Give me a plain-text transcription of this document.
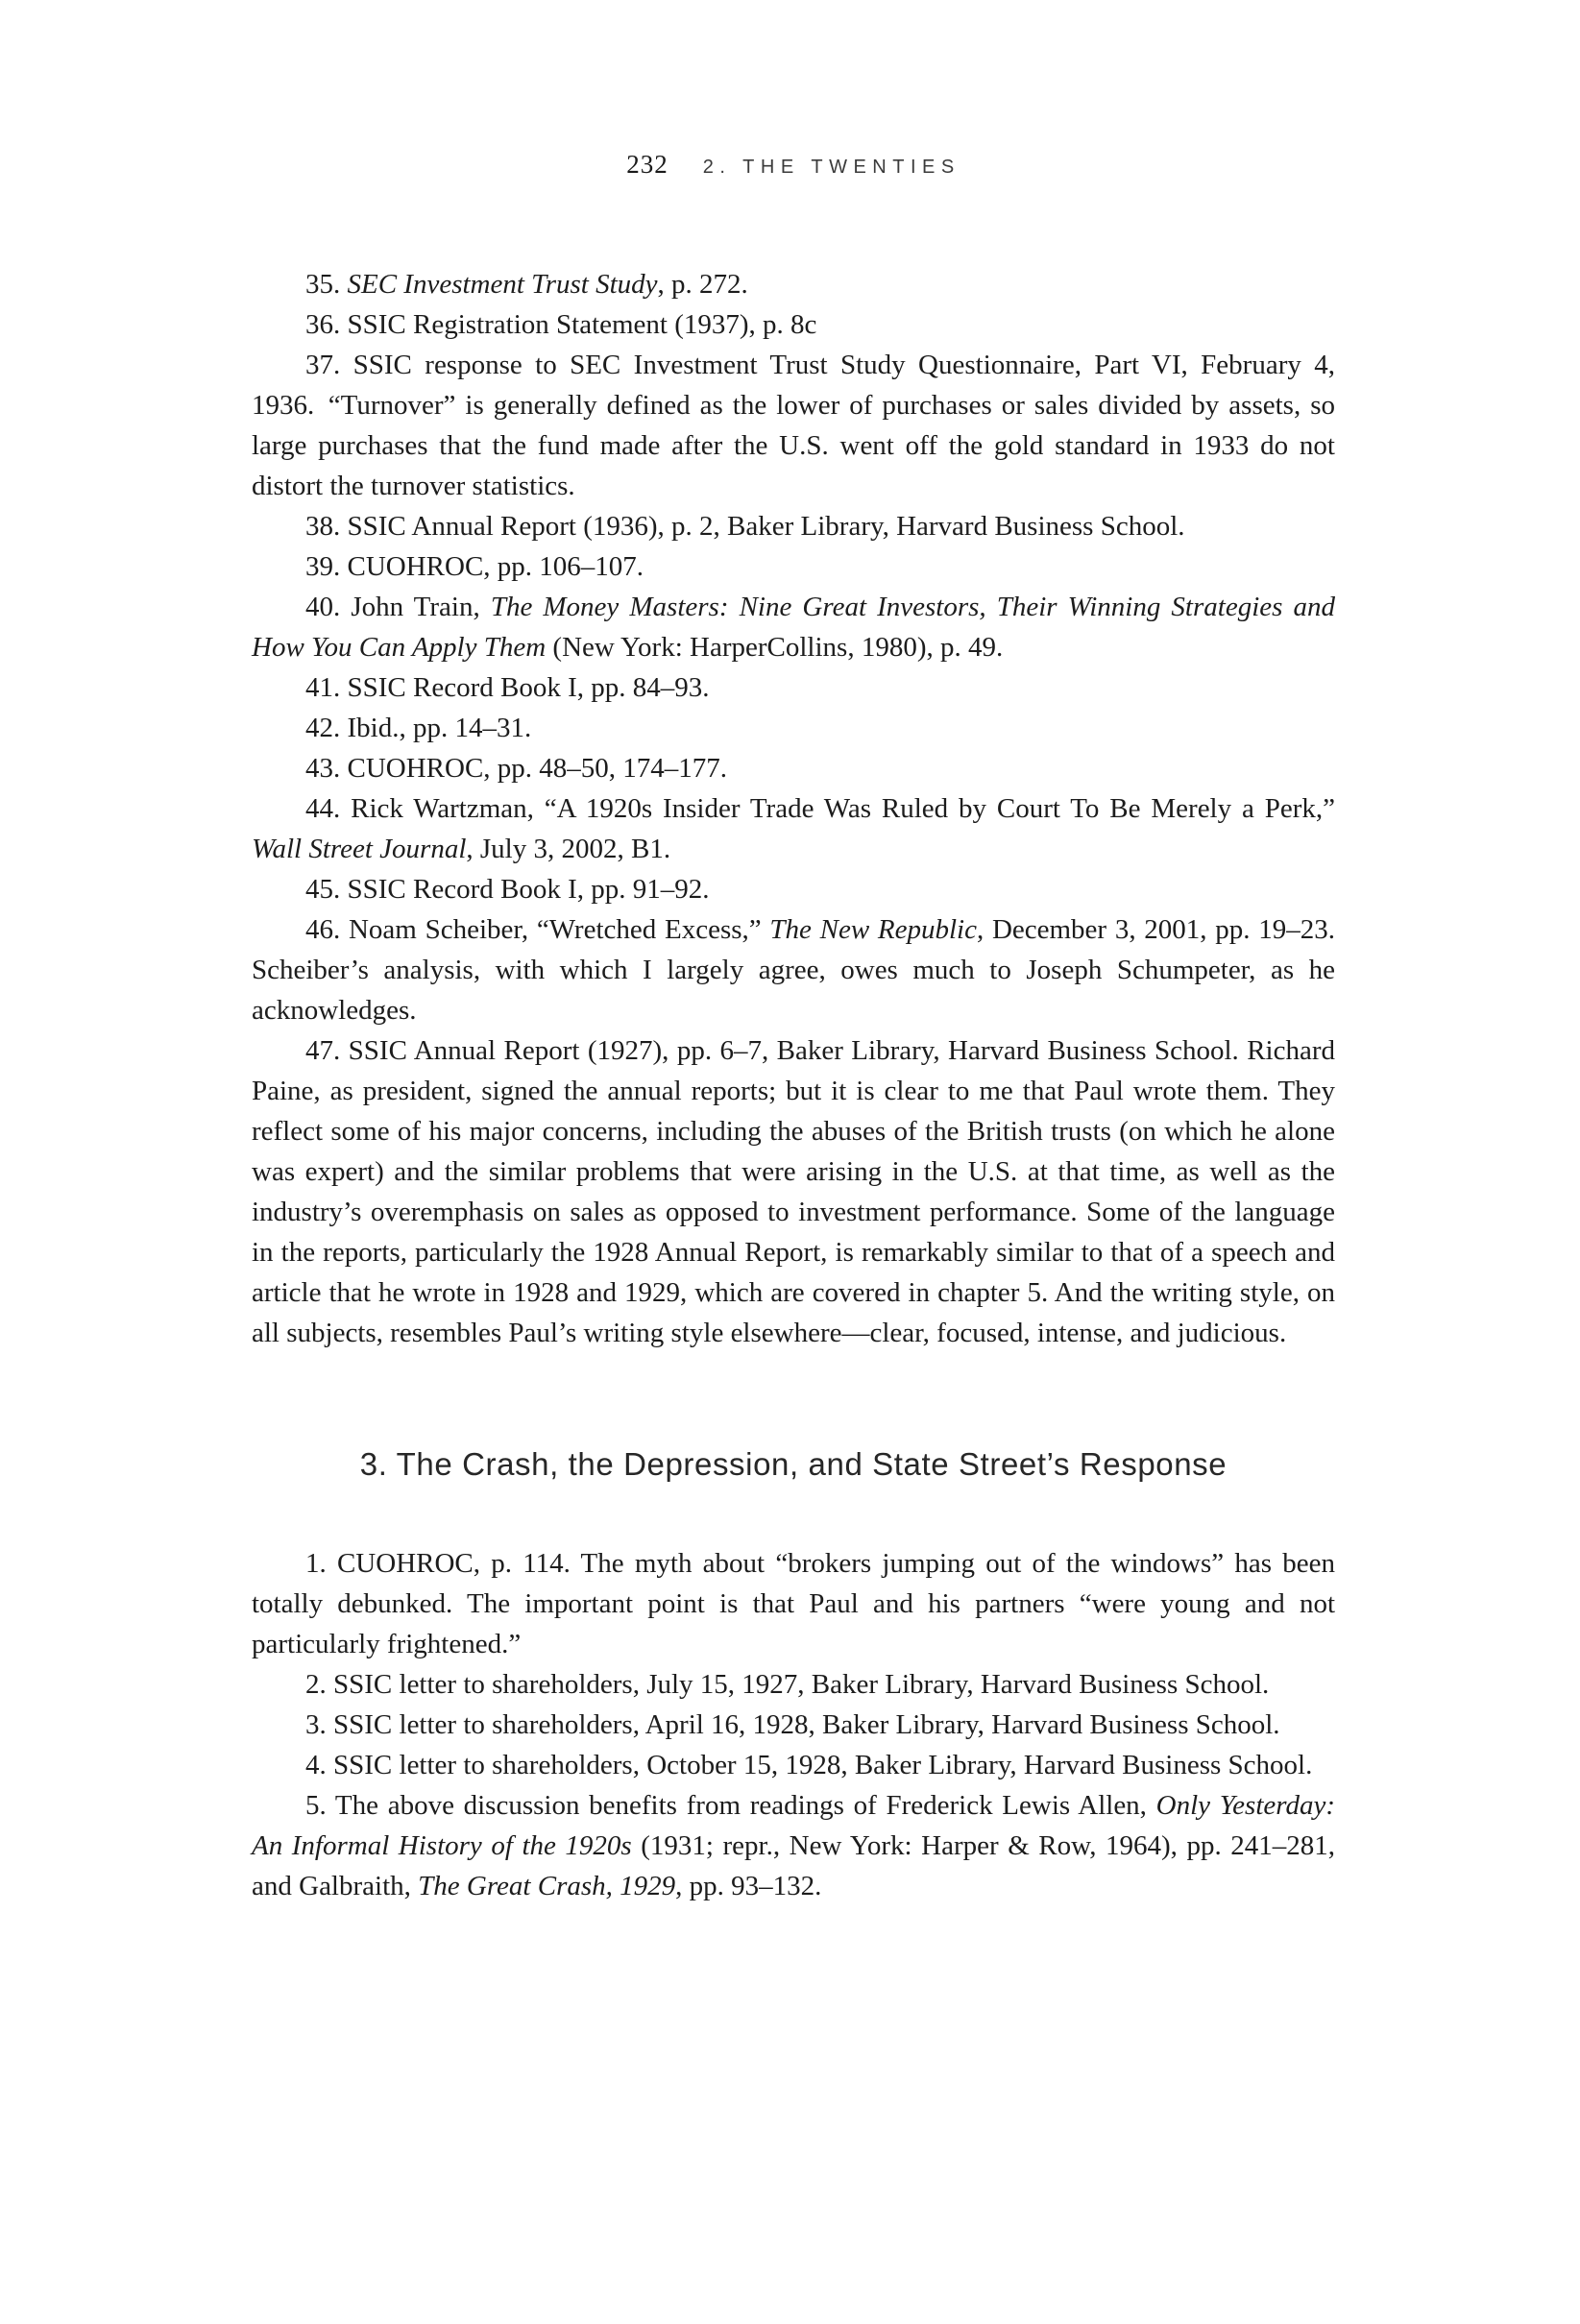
232 2. THE TWENTIES

35. SEC Investment Trust Study, p. 272.

36. SSIC Registration Statement (1937), p. 8c

37. SSIC response to SEC Investment Trust Study Questionnaire, Part VI, February 4, 1936. “Turnover” is generally defined as the lower of purchases or sales divided by assets, so large purchases that the fund made after the U.S. went off the gold standard in 1933 do not distort the turnover statistics.

38. SSIC Annual Report (1936), p. 2, Baker Library, Harvard Business School.

39. CUOHROC, pp. 106–107.

40. John Train, The Money Masters: Nine Great Investors, Their Winning Strategies and How You Can Apply Them (New York: HarperCollins, 1980), p. 49.

41. SSIC Record Book I, pp. 84–93.

42. Ibid., pp. 14–31.

43. CUOHROC, pp. 48–50, 174–177.

44. Rick Wartzman, “A 1920s Insider Trade Was Ruled by Court To Be Merely a Perk,” Wall Street Journal, July 3, 2002, B1.

45. SSIC Record Book I, pp. 91–92.

46. Noam Scheiber, “Wretched Excess,” The New Republic, December 3, 2001, pp. 19–23. Scheiber’s analysis, with which I largely agree, owes much to Joseph Schumpeter, as he acknowledges.

47. SSIC Annual Report (1927), pp. 6–7, Baker Library, Harvard Business School. Richard Paine, as president, signed the annual reports; but it is clear to me that Paul wrote them. They reflect some of his major concerns, including the abuses of the British trusts (on which he alone was expert) and the similar problems that were arising in the U.S. at that time, as well as the industry’s overemphasis on sales as opposed to investment performance. Some of the language in the reports, particularly the 1928 Annual Report, is remarkably similar to that of a speech and article that he wrote in 1928 and 1929, which are covered in chapter 5. And the writing style, on all subjects, resembles Paul’s writing style elsewhere—clear, focused, intense, and judicious.

3. The Crash, the Depression, and State Street’s Response

1. CUOHROC, p. 114. The myth about “brokers jumping out of the windows” has been totally debunked. The important point is that Paul and his partners “were young and not particularly frightened.”

2. SSIC letter to shareholders, July 15, 1927, Baker Library, Harvard Business School.

3. SSIC letter to shareholders, April 16, 1928, Baker Library, Harvard Business School.

4. SSIC letter to shareholders, October 15, 1928, Baker Library, Harvard Business School.

5. The above discussion benefits from readings of Frederick Lewis Allen, Only Yesterday: An Informal History of the 1920s (1931; repr., New York: Harper & Row, 1964), pp. 241–281, and Galbraith, The Great Crash, 1929, pp. 93–132.
